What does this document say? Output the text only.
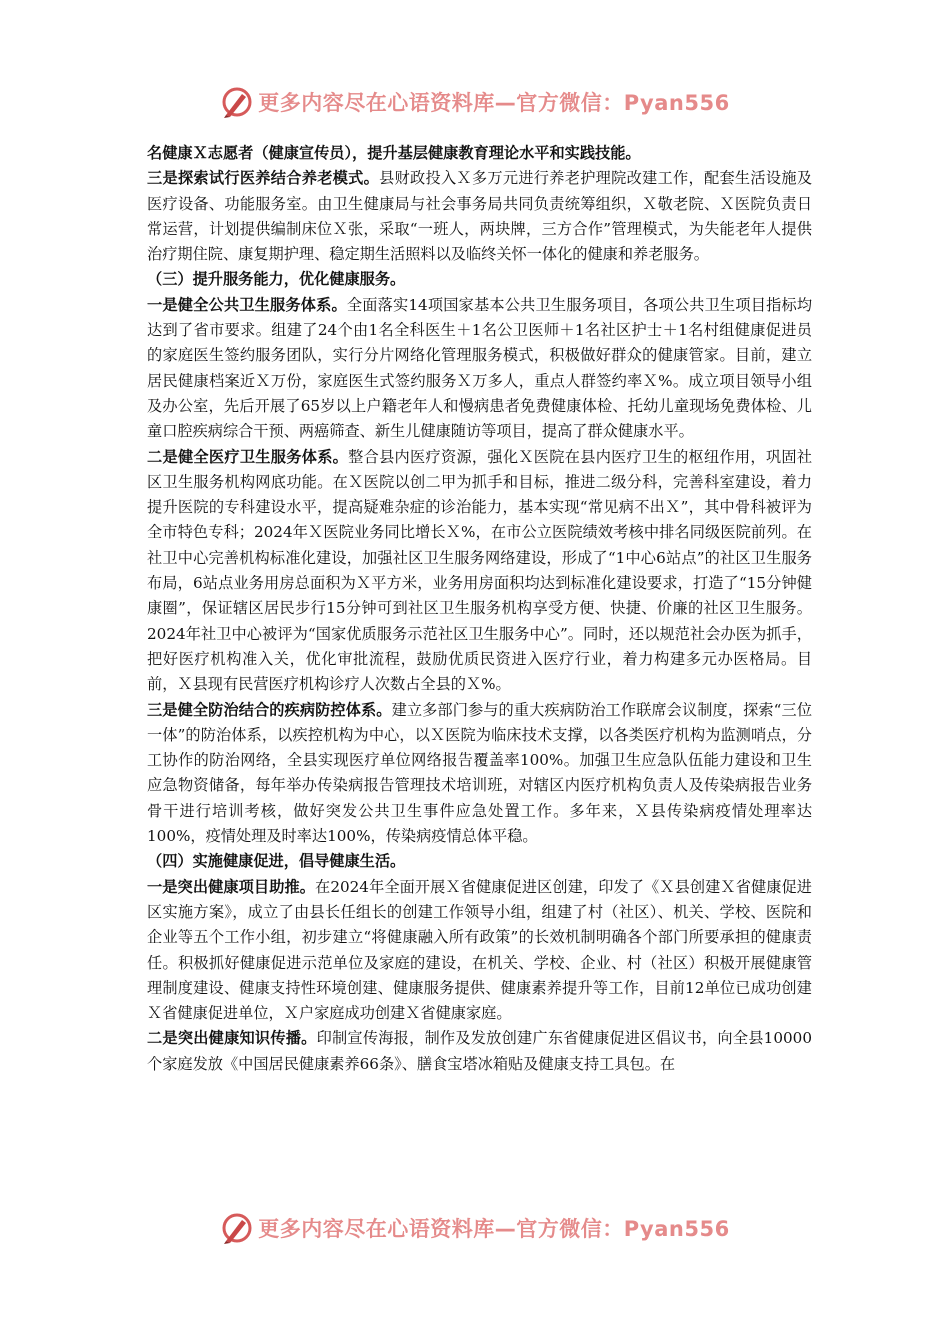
更多内容尽在心语资料库—官方微信：Pyan556

名健康Ｘ志愿者（健康宣传员），提升基层健康教育理论水平和实践技能。

三是探索试行医养结合养老模式。县财政投入Ｘ多万元进行养老护理院改建工作，配套生活设施及医疗设备、功能服务室。由卫生健康局与社会事务局共同负责统筹组织，Ｘ敬老院、Ｘ医院负责日常运营，计划提供编制床位Ｘ张，采取“一班人，两块牌，三方合作”管理模式，为失能老年人提供治疗期住院、康复期护理、稳定期生活照料以及临终关怀一体化的健康和养老服务。

（三）提升服务能力，优化健康服务。

一是健全公共卫生服务体系。全面落实14项国家基本公共卫生服务项目，各项公共卫生项目指标均达到了省市要求。组建了24个由1名全科医生＋1名公卫医师＋1名社区护士＋1名村组健康促进员的家庭医生签约服务团队，实行分片网络化管理服务模式，积极做好群众的健康管家。目前，建立居民健康档案近Ｘ万份，家庭医生式签约服务Ｘ万多人，重点人群签约率Ｘ%。成立项目领导小组及办公室，先后开展了65岁以上户籍老年人和慢病患者免费健康体检、托幼儿童现场免费体检、儿童口腔疾病综合干预、两癌筛查、新生儿健康随访等项目，提高了群众健康水平。

二是健全医疗卫生服务体系。整合县内医疗资源，强化Ｘ医院在县内医疗卫生的枢纽作用，巩固社区卫生服务机构网底功能。在Ｘ医院以创二甲为抓手和目标，推进二级分科，完善科室建设，着力提升医院的专科建设水平，提高疑难杂症的诊治能力，基本实现“常见病不出Ｘ”，其中骨科被评为全市特色专科；2024年Ｘ医院业务同比增长Ｘ%，在市公立医院绩效考核中排名同级医院前列。在社卫中心完善机构标准化建设，加强社区卫生服务网络建设，形成了“1中心6站点”的社区卫生服务布局，6站点业务用房总面积为Ｘ平方米，业务用房面积均达到标准化建设要求，打造了“15分钟健康圈”，保证辖区居民步行15分钟可到社区卫生服务机构享受方便、快捷、价廉的社区卫生服务。2024年社卫中心被评为“国家优质服务示范社区卫生服务中心”。同时，还以规范社会办医为抓手，把好医疗机构准入关，优化审批流程，鼓励优质民资进入医疗行业，着力构建多元办医格局。目前，Ｘ县现有民营医疗机构诊疗人次数占全县的Ｘ%。

三是健全防治结合的疾病防控体系。建立多部门参与的重大疾病防治工作联席会议制度，探索“三位一体”的防治体系，以疾控机构为中心，以Ｘ医院为临床技术支撑，以各类医疗机构为监测哨点，分工协作的防治网络，全县实现医疗单位网络报告覆盖率100%。加强卫生应急队伍能力建设和卫生应急物资储备，每年举办传染病报告管理技术培训班，对辖区内医疗机构负责人及传染病报告业务骨干进行培训考核，做好突发公共卫生事件应急处置工作。多年来，Ｘ县传染病疫情处理率达100%，疫情处理及时率达100%，传染病疫情总体平稳。

（四）实施健康促进，倡导健康生活。

一是突出健康项目助推。在2024年全面开展Ｘ省健康促进区创建，印发了《Ｘ县创建Ｘ省健康促进区实施方案》，成立了由县长任组长的创建工作领导小组，组建了村（社区）、机关、学校、医院和企业等五个工作小组，初步建立“将健康融入所有政策”的长效机制明确各个部门所要承担的健康责任。积极抓好健康促进示范单位及家庭的建设，在机关、学校、企业、村（社区）积极开展健康管理制度建设、健康支持性环境创建、健康服务提供、健康素养提升等工作，目前12单位已成功创建Ｘ省健康促进单位，Ｘ户家庭成功创建Ｘ省健康家庭。

二是突出健康知识传播。印制宣传海报，制作及发放创建广东省健康促进区倡议书，向全县10000个家庭发放《中国居民健康素养66条》、膳食宝塔冰箱贴及健康支持工具包。在

更多内容尽在心语资料库—官方微信：Pyan556
